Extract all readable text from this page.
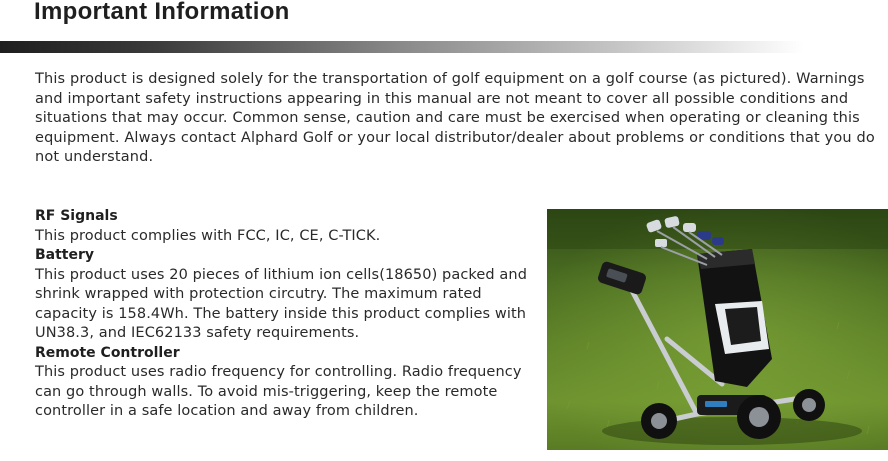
Important Information

This product is designed solely for the transportation of golf equipment on a golf course (as pictured). Warnings and important safety instructions appearing in this manual are not meant to cover all possible conditions and situations that may occur. Common sense, caution and care must be exercised when operating or cleaning this equipment. Always contact Alphard Golf or your local distributor/dealer about problems or conditions that you do not understand.

RF Signals

This product complies with FCC, IC, CE, C-TICK.

Battery

This product uses 20 pieces of lithium ion cells(18650) packed and shrink wrapped with protection circutry. The maximum rated capacity is 158.4Wh. The battery inside this product complies with UN38.3, and IEC62133 safety requirements.

Remote Controller

This product uses radio frequency for controlling. Radio frequency can go through walls. To avoid mis-triggering, keep the remote controller in a safe location and away from children.
